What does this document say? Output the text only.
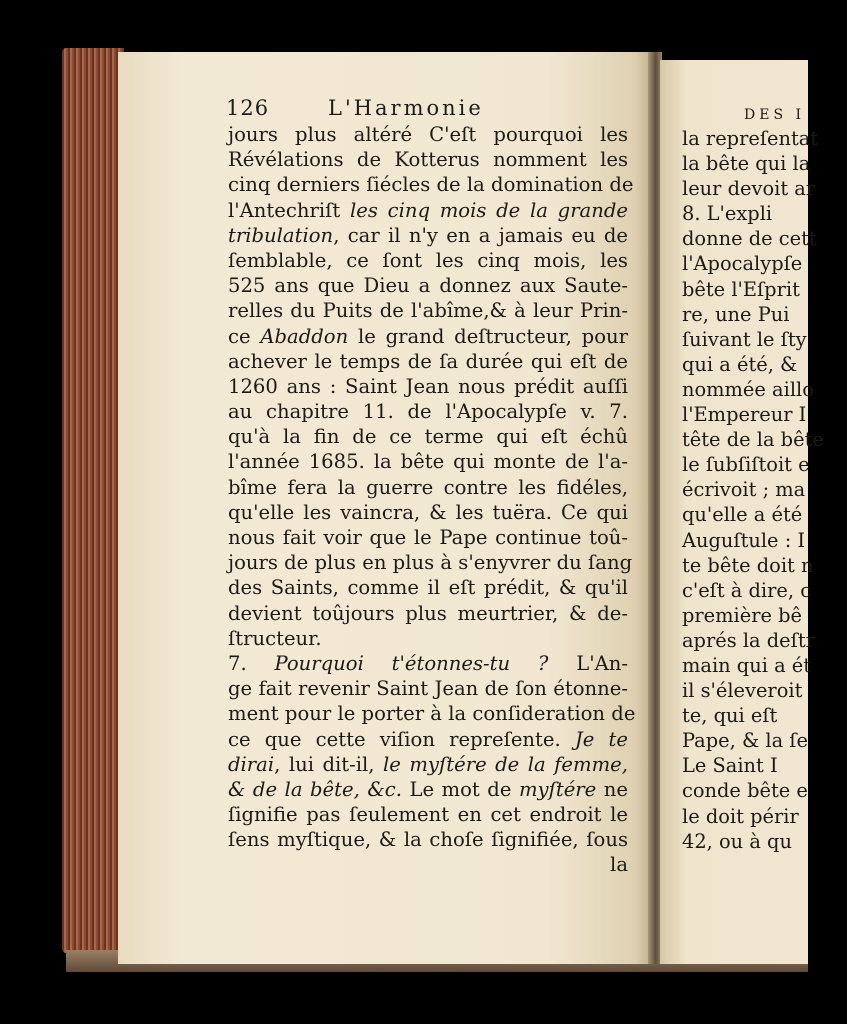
126	L'Harmonie
jours plus altéré C'eſt pourquoi les
Révélations de Kotterus nomment les
cinq derniers ſiécles de la domination de
l'Antechriſt les cinq mois de la grande
tribulation, car il n'y en a jamais eu de
ſemblable, ce ſont les cinq mois, les
525 ans que Dieu a donnez aux Saute-
relles du Puits de l'abîme,& à leur Prin-
ce Abaddon le grand deſtructeur, pour
achever le temps de ſa durée qui eſt de
1260 ans : Saint Jean nous prédit auſſi
au chapitre 11. de l'Apocalypſe v. 7.
qu'à la fin de ce terme qui eſt échû
l'année 1685. la bête qui monte de l'a-
bîme fera la guerre contre les fidéles,
qu'elle les vaincra, & les tuëra. Ce qui
nous fait voir que le Pape continue toû-
jours de plus en plus à s'enyvrer du ſang
des Saints, comme il eſt prédit, & qu'il
devient toûjours plus meurtrier, & de-
ſtructeur.
7. Pourquoi t'étonnes-tu ? L'An-
ge fait revenir Saint Jean de ſon étonne-
ment pour le porter à la conſideration de
ce que cette viſion repreſente. Je te
dirai, lui dit-il, le myſtére de la femme,
& de la bête, &c. Le mot de myſtére ne
ſignifie pas ſeulement en cet endroit le
ſens myſtique, & la choſe ſignifiée, ſous
la
DES I
la repreſentat
la bête qui la
leur devoit ar
8. L'expli
donne de cett
l'Apocalypſe
bête l'Eſprit
re, une Pui
ſuivant le ſty
qui a été, &
nommée aillo
l'Empereur I
tête de la bête
le ſubſiſtoit e
écrivoit ; ma
qu'elle a été
Auguſtule : I
te bête doit n
c'eſt à dire, c
première bê
aprés la deſtr
main qui a ét
il s'éleveroit
te, qui eſt
Pape, & la ſe
Le Saint I
conde bête e
le doit périr
42, ou à qu
